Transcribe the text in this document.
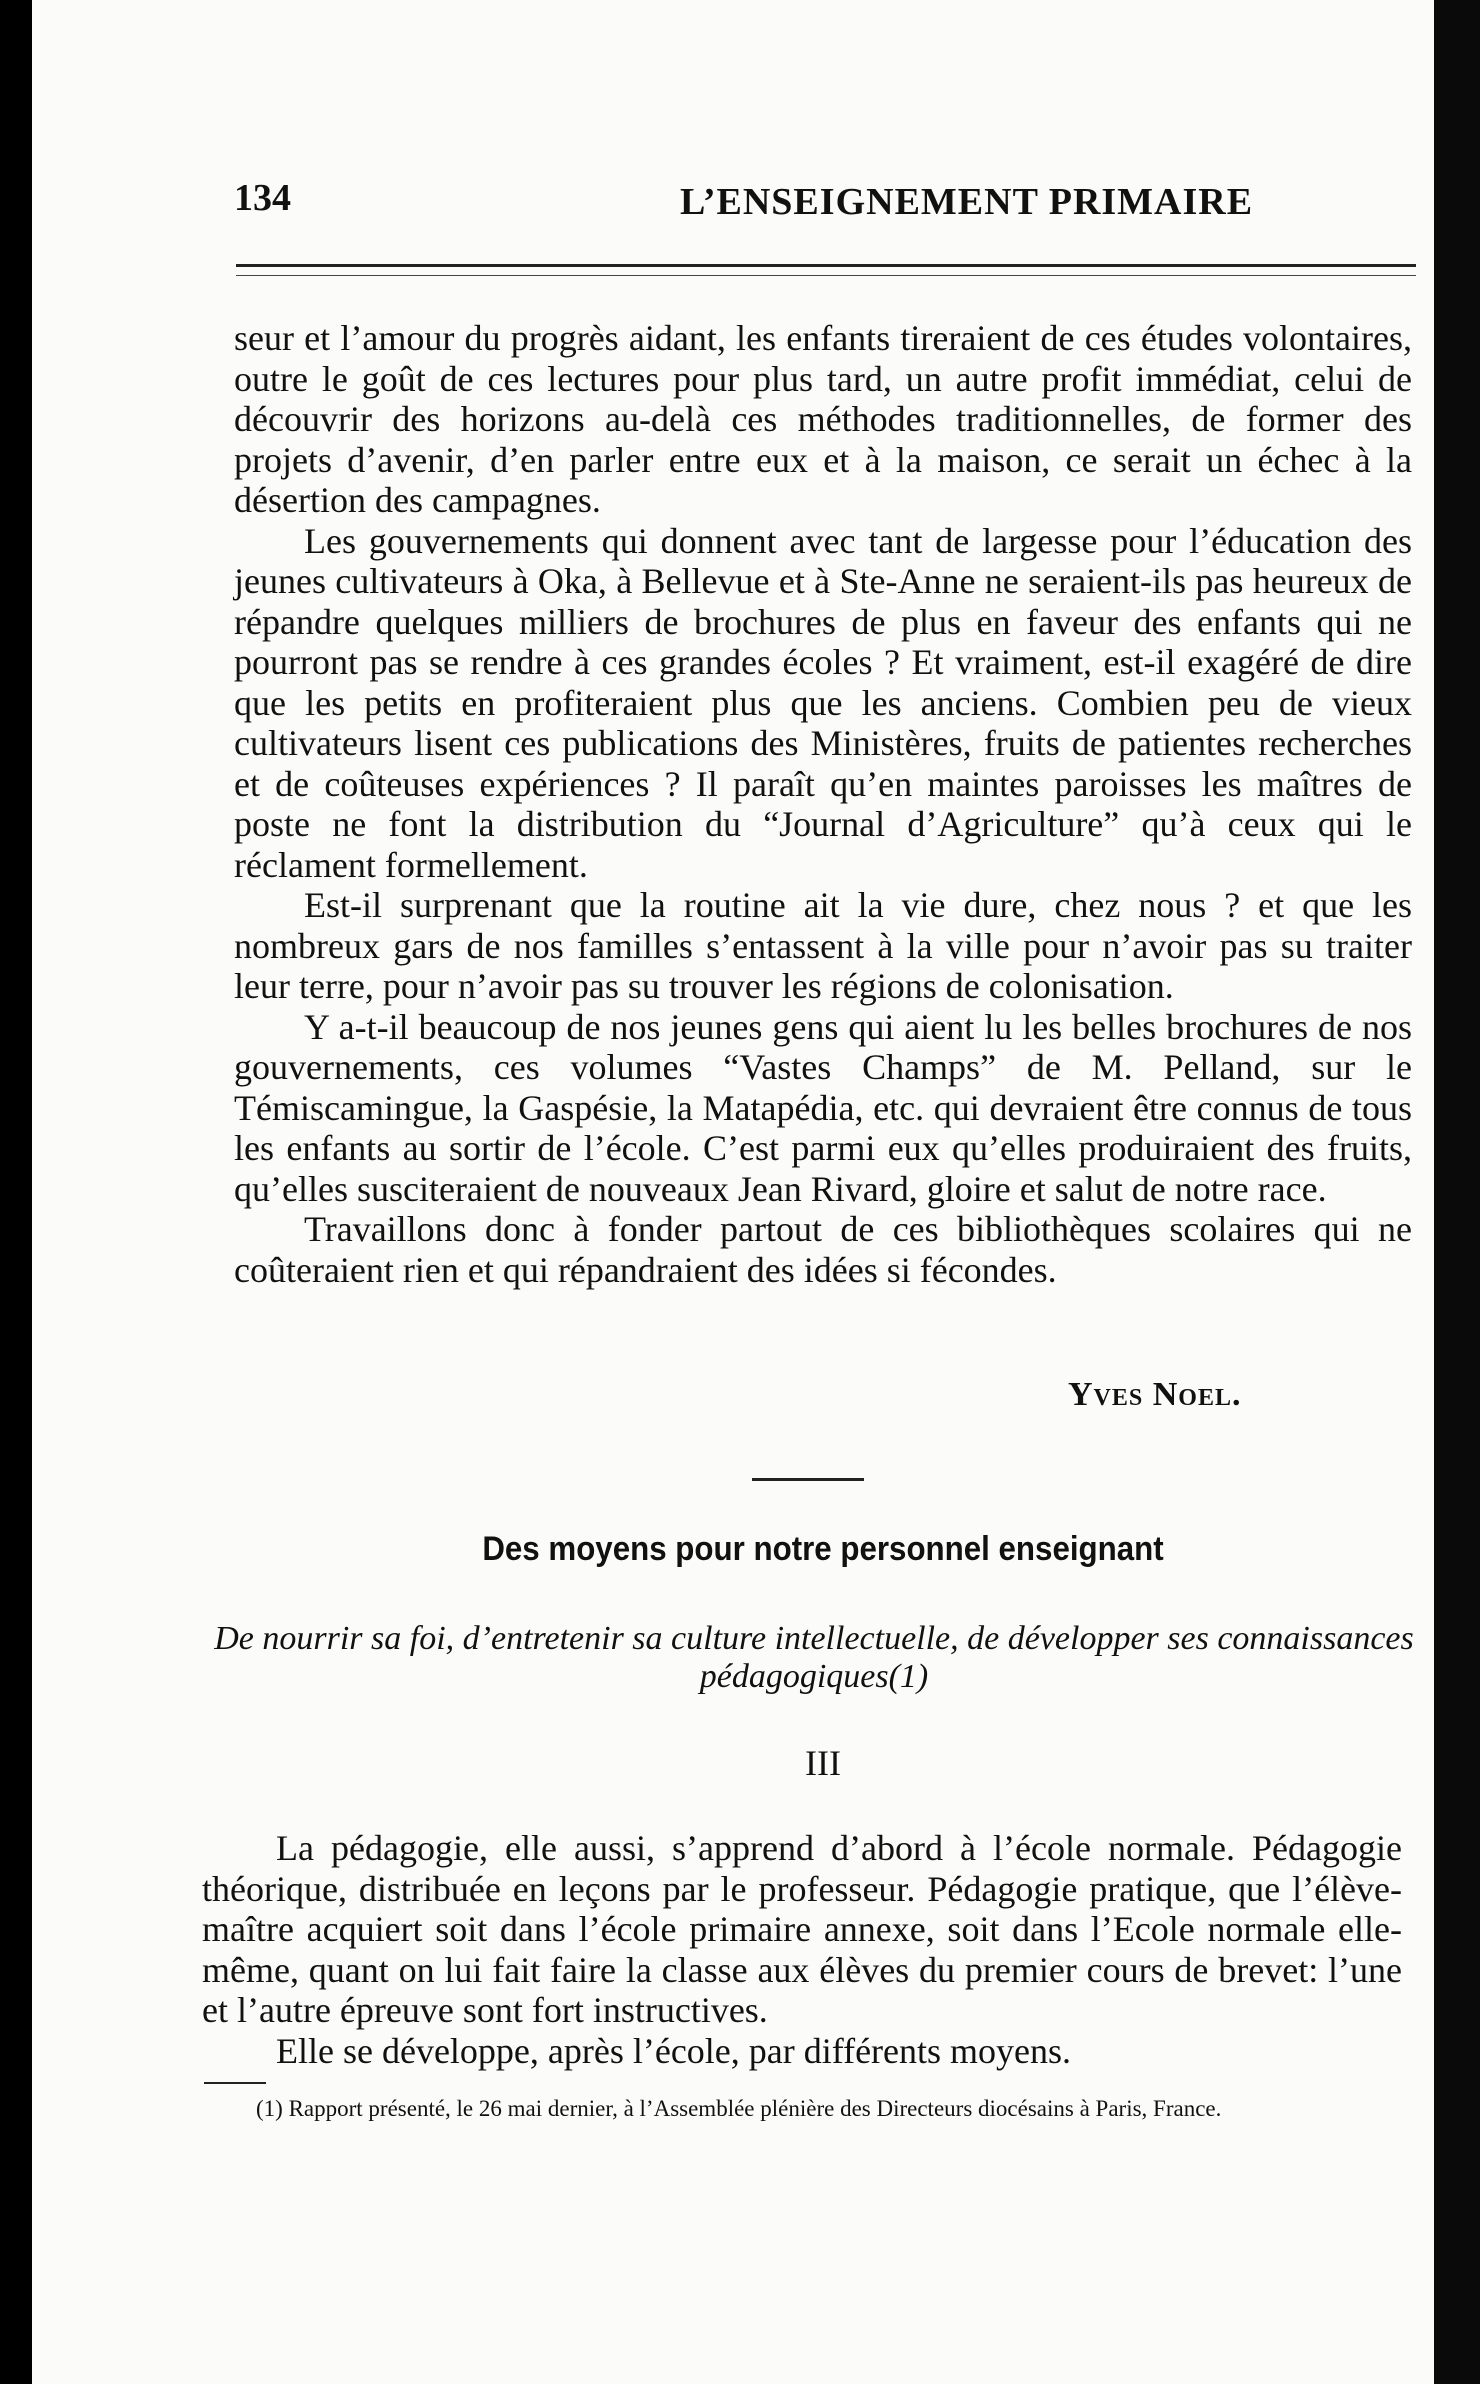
134	L’ENSEIGNEMENT PRIMAIRE

seur et l’amour du progrès aidant, les enfants tireraient de ces études volontaires, outre le goût de ces lectures pour plus tard, un autre profit immédiat, celui de découvrir des horizons au-delà ces méthodes traditionnelles, de former des projets d’avenir, d’en parler entre eux et à la maison, ce serait un échec à la désertion des campagnes.

Les gouvernements qui donnent avec tant de largesse pour l’éducation des jeunes cultivateurs à Oka, à Bellevue et à Ste-Anne ne seraient-ils pas heureux de répandre quelques milliers de brochures de plus en faveur des enfants qui ne pourront pas se rendre à ces grandes écoles ? Et vraiment, est-il exagéré de dire que les petits en profiteraient plus que les anciens. Combien peu de vieux cultivateurs lisent ces publications des Ministères, fruits de patientes recherches et de coûteuses expériences ? Il paraît qu’en maintes paroisses les maîtres de poste ne font la distribution du “Journal d’Agriculture” qu’à ceux qui le réclament formellement.

Est-il surprenant que la routine ait la vie dure, chez nous ? et que les nombreux gars de nos familles s’entassent à la ville pour n’avoir pas su traiter leur terre, pour n’avoir pas su trouver les régions de colonisation.

Y a-t-il beaucoup de nos jeunes gens qui aient lu les belles brochures de nos gouvernements, ces volumes “Vastes Champs” de M. Pelland, sur le Témiscamingue, la Gaspésie, la Matapédia, etc. qui devraient être connus de tous les enfants au sortir de l’école. C’est parmi eux qu’elles produiraient des fruits, qu’elles susciteraient de nouveaux Jean Rivard, gloire et salut de notre race.

Travaillons donc à fonder partout de ces bibliothèques scolaires qui ne coûteraient rien et qui répandraient des idées si fécondes.

Yves Noel.
Des moyens pour notre personnel enseignant
De nourrir sa foi, d’entretenir sa culture intellectuelle, de développer ses connaissances pédagogiques(1)
III

La pédagogie, elle aussi, s’apprend d’abord à l’école normale. Pédagogie théorique, distribuée en leçons par le professeur. Pédagogie pratique, que l’élève-maître acquiert soit dans l’école primaire annexe, soit dans l’Ecole normale elle-même, quant on lui fait faire la classe aux élèves du premier cours de brevet: l’une et l’autre épreuve sont fort instructives.

Elle se développe, après l’école, par différents moyens.

(1) Rapport présenté, le 26 mai dernier, à l’Assemblée plénière des Directeurs diocésains à Paris, France.
